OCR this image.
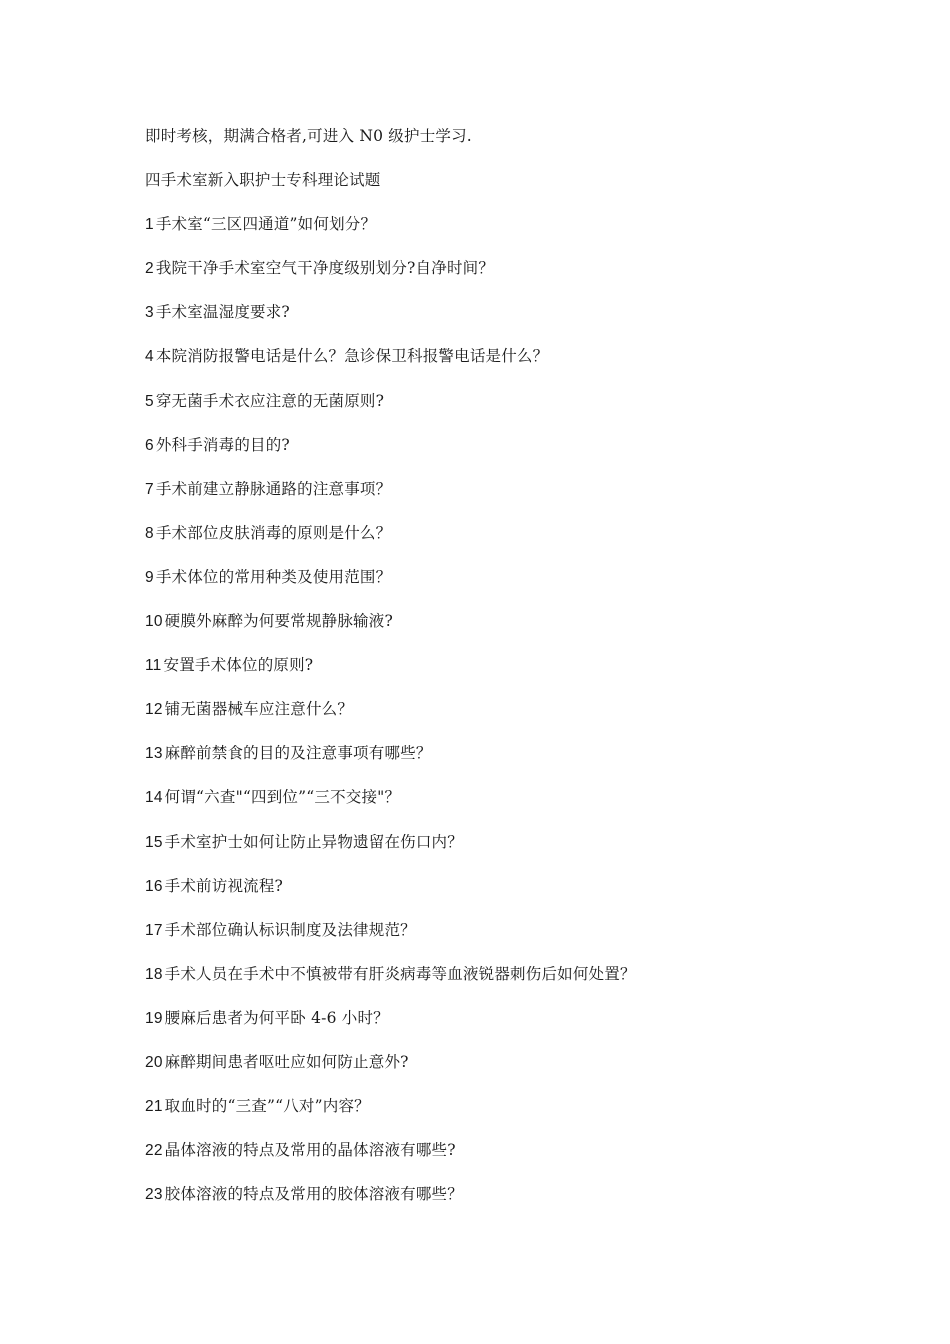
即时考核，期满合格者,可进入 N0 级护士学习.
四手术室新入职护士专科理论试题
1 手术室“三区四通道”如何划分？
2 我院干净手术室空气干净度级别划分?自净时间？
3 手术室温湿度要求?
4 本院消防报警电话是什么？急诊保卫科报警电话是什么？
5 穿无菌手术衣应注意的无菌原则?
6 外科手消毒的目的?
7 手术前建立静脉通路的注意事项？
8 手术部位皮肤消毒的原则是什么？
9 手术体位的常用种类及使用范围？
10 硬膜外麻醉为何要常规静脉输液?
11 安置手术体位的原则?
12 铺无菌器械车应注意什么？
13 麻醉前禁食的目的及注意事项有哪些？
14 何谓“六查"“四到位”“三不交接"？
15 手术室护士如何让防止异物遗留在伤口内？
16 手术前访视流程?
17 手术部位确认标识制度及法律规范？
18 手术人员在手术中不慎被带有肝炎病毒等血液锐器刺伤后如何处置？
19 腰麻后患者为何平卧 4-6 小时？
20 麻醉期间患者呕吐应如何防止意外?
21 取血时的“三查”“八对”内容？
22 晶体溶液的特点及常用的晶体溶液有哪些?
23 胶体溶液的特点及常用的胶体溶液有哪些？
